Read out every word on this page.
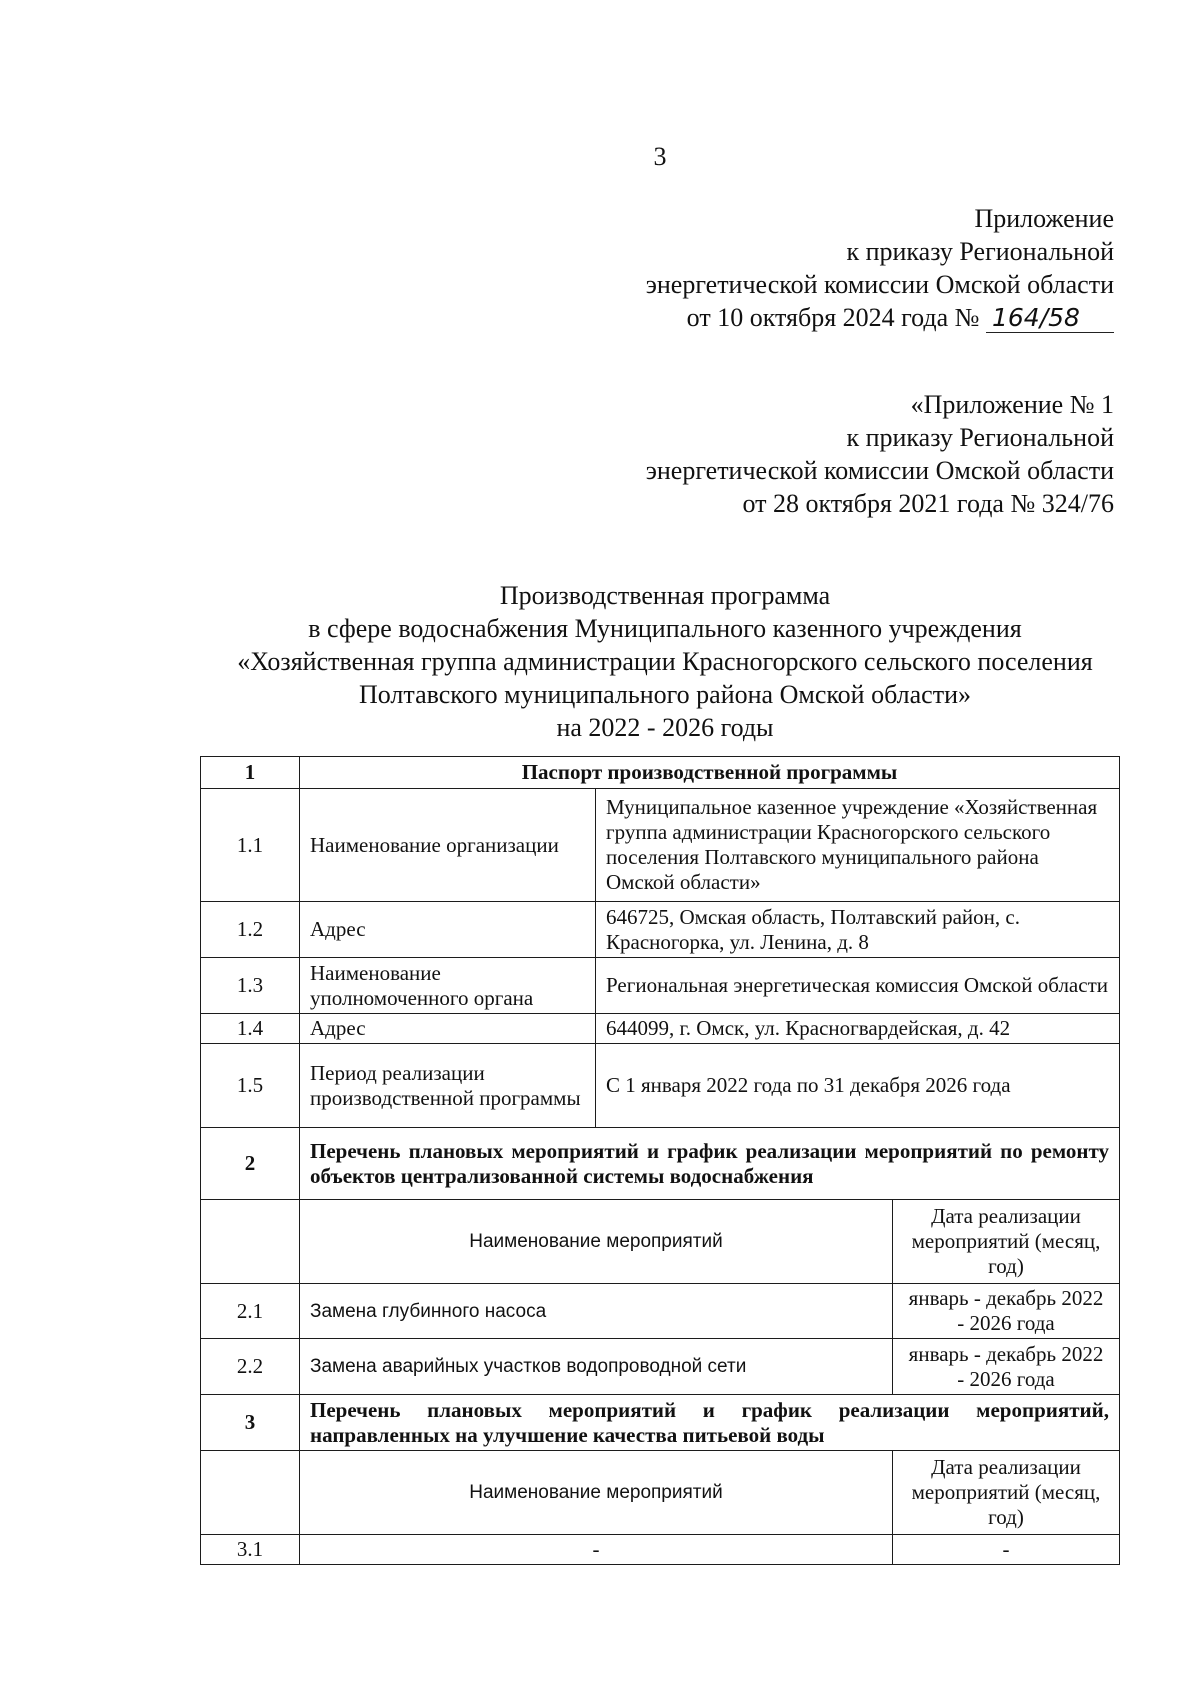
3
Приложение
к приказу Региональной
энергетической комиссии Омской области
от 10 октября 2024 года № 164/58
«Приложение № 1
к приказу Региональной
энергетической комиссии Омской области
от 28 октября 2021 года № 324/76
Производственная программа
в сфере водоснабжения Муниципального казенного учреждения
«Хозяйственная группа администрации Красногорского сельского поселения
Полтавского муниципального района Омской области»
на 2022 - 2026 годы
1	Паспорт производственной программы		
1.1	Наименование организации	Муниципальное казенное учреждение «Хозяйственная группа администрации Красногорского сельского поселения Полтавского муниципального района Омской области»	
1.2	Адрес	646725, Омская область, Полтавский район, с. Красногорка, ул. Ленина, д. 8	
1.3	Наименование уполномоченного органа	Региональная энергетическая комиссия Омской области	
1.4	Адрес	644099, г. Омск, ул. Красногвардейская, д. 42	
1.5	Период реализации производственной программы	С 1 января 2022 года по 31 декабря 2026 года	
2	Перечень плановых мероприятий и график реализации мероприятий по ремонту объектов централизованной системы водоснабжения		
	Наименование мероприятий		Дата реализации мероприятий (месяц, год)
2.1	Замена глубинного насоса		январь - декабрь 2022 - 2026 года
2.2	Замена аварийных участков водопроводной сети		январь - декабрь 2022 - 2026 года
3	Перечень плановых мероприятий и график реализации мероприятий, направленных на улучшение качества питьевой воды		
	Наименование мероприятий		Дата реализации мероприятий (месяц, год)
3.1	-		-
